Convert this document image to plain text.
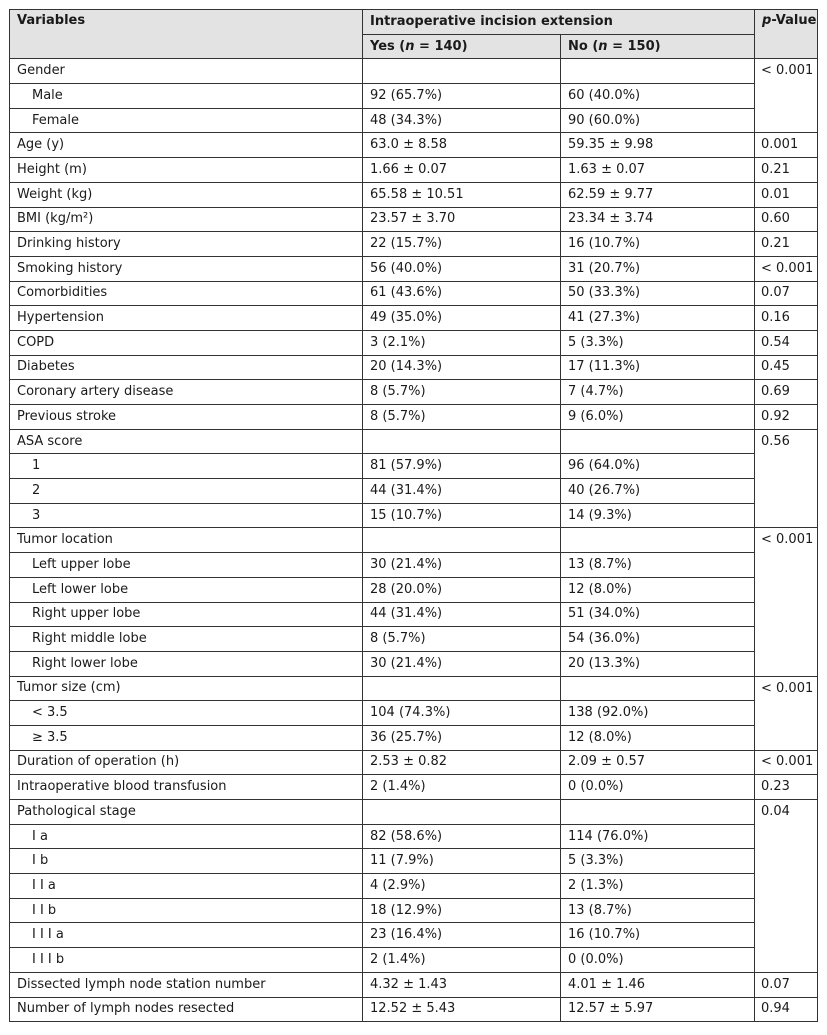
Variables	Intraoperative incision extension		p-Value
	Yes (n = 140)	No (n = 150)	
Gender			< 0.001
Male	92 (65.7%)	60 (40.0%)	
Female	48 (34.3%)	90 (60.0%)	
Age (y)	63.0 ± 8.58	59.35 ± 9.98	0.001
Height (m)	1.66 ± 0.07	1.63 ± 0.07	0.21
Weight (kg)	65.58 ± 10.51	62.59 ± 9.77	0.01
BMI (kg/m²)	23.57 ± 3.70	23.34 ± 3.74	0.60
Drinking history	22 (15.7%)	16 (10.7%)	0.21
Smoking history	56 (40.0%)	31 (20.7%)	< 0.001
Comorbidities	61 (43.6%)	50 (33.3%)	0.07
Hypertension	49 (35.0%)	41 (27.3%)	0.16
COPD	3 (2.1%)	5 (3.3%)	0.54
Diabetes	20 (14.3%)	17 (11.3%)	0.45
Coronary artery disease	8 (5.7%)	7 (4.7%)	0.69
Previous stroke	8 (5.7%)	9 (6.0%)	0.92
ASA score			0.56
1	81 (57.9%)	96 (64.0%)	
2	44 (31.4%)	40 (26.7%)	
3	15 (10.7%)	14 (9.3%)	
Tumor location			< 0.001
Left upper lobe	30 (21.4%)	13 (8.7%)	
Left lower lobe	28 (20.0%)	12 (8.0%)	
Right upper lobe	44 (31.4%)	51 (34.0%)	
Right middle lobe	8 (5.7%)	54 (36.0%)	
Right lower lobe	30 (21.4%)	20 (13.3%)	
Tumor size (cm)			< 0.001
< 3.5	104 (74.3%)	138 (92.0%)	
≥ 3.5	36 (25.7%)	12 (8.0%)	
Duration of operation (h)	2.53 ± 0.82	2.09 ± 0.57	< 0.001
Intraoperative blood transfusion	2 (1.4%)	0 (0.0%)	0.23
Pathological stage			0.04
I a	82 (58.6%)	114 (76.0%)	
I b	11 (7.9%)	5 (3.3%)	
I I a	4 (2.9%)	2 (1.3%)	
I I b	18 (12.9%)	13 (8.7%)	
I I I a	23 (16.4%)	16 (10.7%)	
I I I b	2 (1.4%)	0 (0.0%)	
Dissected lymph node station number	4.32 ± 1.43	4.01 ± 1.46	0.07
Number of lymph nodes resected	12.52 ± 5.43	12.57 ± 5.97	0.94
